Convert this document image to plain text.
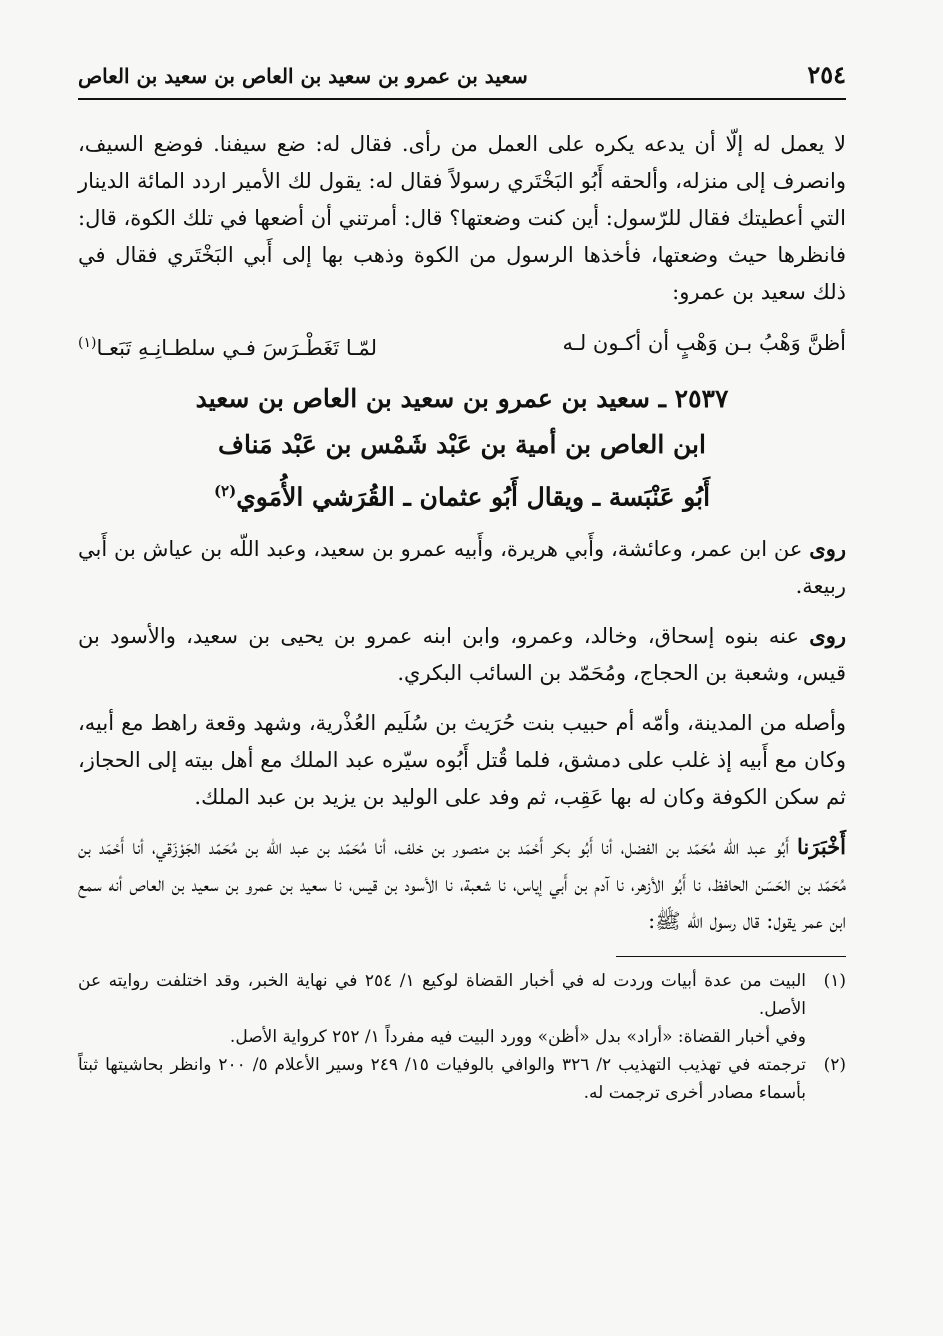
٢٥٤
سعيد بن عمرو بن سعيد بن العاص بن سعيد بن العاص

لا يعمل له إلّا أن يدعه يكره على العمل من رأى. فقال له: ضع سيفنا. فوضع السيف، وانصرف إلى منزله، وألحقه أَبُو البَخْتَري رسولاً فقال له: يقول لك الأمير اردد المائة الدينار التي أعطيتك فقال للرّسول: أين كنت وضعتها؟ قال: أمرتني أن أضعها في تلك الكوة، قال: فانظرها حيث وضعتها، فأخذها الرسول من الكوة وذهب بها إلى أَبي البَخْتَري فقال في ذلك سعيد بن عمرو:

أظنَّ وَهْبُ بـن وَهْبٍ أن أكـون لـه
لمّـا تَغَطْـرَسَ فـي سلطـانِـهِ تَبَعـا$^{(١)}$
٢٥٣٧ ـ سعيد بن عمرو بن سعيد بن العاص بن سعيد
ابن العاص بن أمية بن عَبْد شَمْس بن عَبْد مَناف
أَبُو عَنْبَسة ـ ويقال أَبُو عثمان ـ القُرَشي الأُمَوي$^{(٢)}$

روى عن ابن عمر، وعائشة، وأَبي هريرة، وأَبيه عمرو بن سعيد، وعبد اللّه بن عياش بن أَبي ربيعة.

روى عنه بنوه إسحاق، وخالد، وعمرو، وابن ابنه عمرو بن يحيى بن سعيد، والأسود بن قيس، وشعبة بن الحجاج، ومُحَمّد بن السائب البكري.

وأصله من المدينة، وأمّه أم حبيب بنت حُرَيث بن سُلَيم العُذْرية، وشهد وقعة راهط مع أبيه، وكان مع أَبيه إذ غلب على دمشق، فلما قُتل أَبُوه سيّره عبد الملك مع أهل بيته إلى الحجاز، ثم سكن الكوفة وكان له بها عَقِب، ثم وفد على الوليد بن يزيد بن عبد الملك.

أَخْبَرَنا أَبُو عبد اللّه مُحَمّد بن الفضل، أنا أَبُو بكر أَحْمَد بن منصور بن خلف، أنا مُحَمّد بن عبد اللّه بن مُحَمّد الجَوْزَقي، أنا أَحْمَد بن مُحَمّد بن الحَسَن الحافظ، نا أَبُو الأزهر، نا آدم بن أَبي إياس، نا شعبة، نا الأسود بن قيس، نا سعيد بن عمرو بن سعيد بن العاص أنه سمع ابن عمر يقول: قال رسول الله ﷺ:

(١)
البيت من عدة أبيات وردت له في أخبار القضاة لوكيع ١/ ٢٥٤ في نهاية الخبر، وقد اختلفت روايته عن الأصل.
وفي أخبار القضاة: «أراد» بدل «أظن» وورد البيت فيه مفرداً ١/ ٢٥٢ كرواية الأصل.
(٢)
ترجمته في تهذيب التهذيب ٢/ ٣٢٦ والوافي بالوفيات ١٥/ ٢٤٩ وسير الأعلام ٥/ ٢٠٠ وانظر بحاشيتها ثبتاً بأسماء مصادر أخرى ترجمت له.
